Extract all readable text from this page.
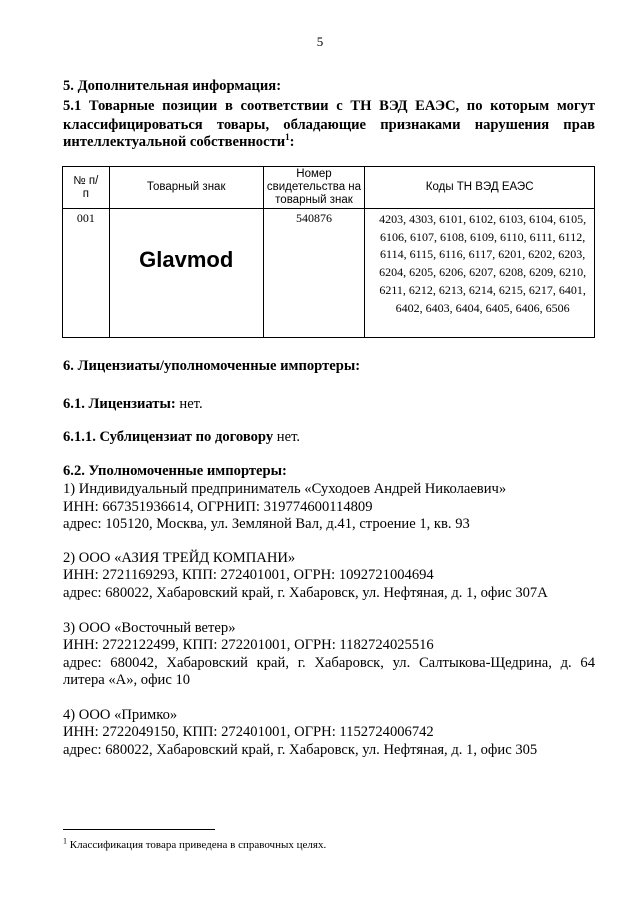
5
5. Дополнительная информация:
5.1 Товарные позиции в соответствии с ТН ВЭД ЕАЭС, по которым могут классифицироваться товары, обладающие признаками нарушения прав
интеллектуальной собственности$^1$:
№ п/п	Товарный знак	Номер свидетельства на товарный знак	Коды ТН ВЭД ЕАЭС

001	Glavmod	540876	4203, 4303, 6101, 6102, 6103, 6104, 6105, 6106, 6107, 6108, 6109, 6110, 6111, 6112, 6114, 6115, 6116, 6117, 6201, 6202, 6203, 6204, 6205, 6206, 6207, 6208, 6209, 6210, 6211, 6212, 6213, 6214, 6215, 6217, 6401, 6402, 6403, 6404, 6405, 6406, 6506
6. Лицензиаты/уполномоченные импортеры:
6.1. Лицензиаты: нет.
6.1.1. Сублицензиат по договору нет.
6.2. Уполномоченные импортеры:
1) Индивидуальный предприниматель «Суходоев Андрей Николаевич»
ИНН: 667351936614, ОГРНИП: 319774600114809
адрес: 105120, Москва, ул. Земляной Вал, д.41, строение 1, кв. 93
2) ООО «АЗИЯ ТРЕЙД КОМПАНИ»
ИНН: 2721169293, КПП: 272401001, ОГРН: 1092721004694
адрес: 680022, Хабаровский край, г. Хабаровск, ул. Нефтяная, д. 1, офис 307А
3) ООО «Восточный ветер»
ИНН: 2722122499, КПП: 272201001, ОГРН: 1182724025516
адрес: 680042, Хабаровский край, г. Хабаровск, ул. Салтыкова-Щедрина, д. 64
литера «А», офис 10
4) ООО «Примко»
ИНН: 2722049150, КПП: 272401001, ОГРН: 1152724006742
адрес: 680022, Хабаровский край, г. Хабаровск, ул. Нефтяная, д. 1, офис 305
$^1$ Классификация товара приведена в справочных целях.
